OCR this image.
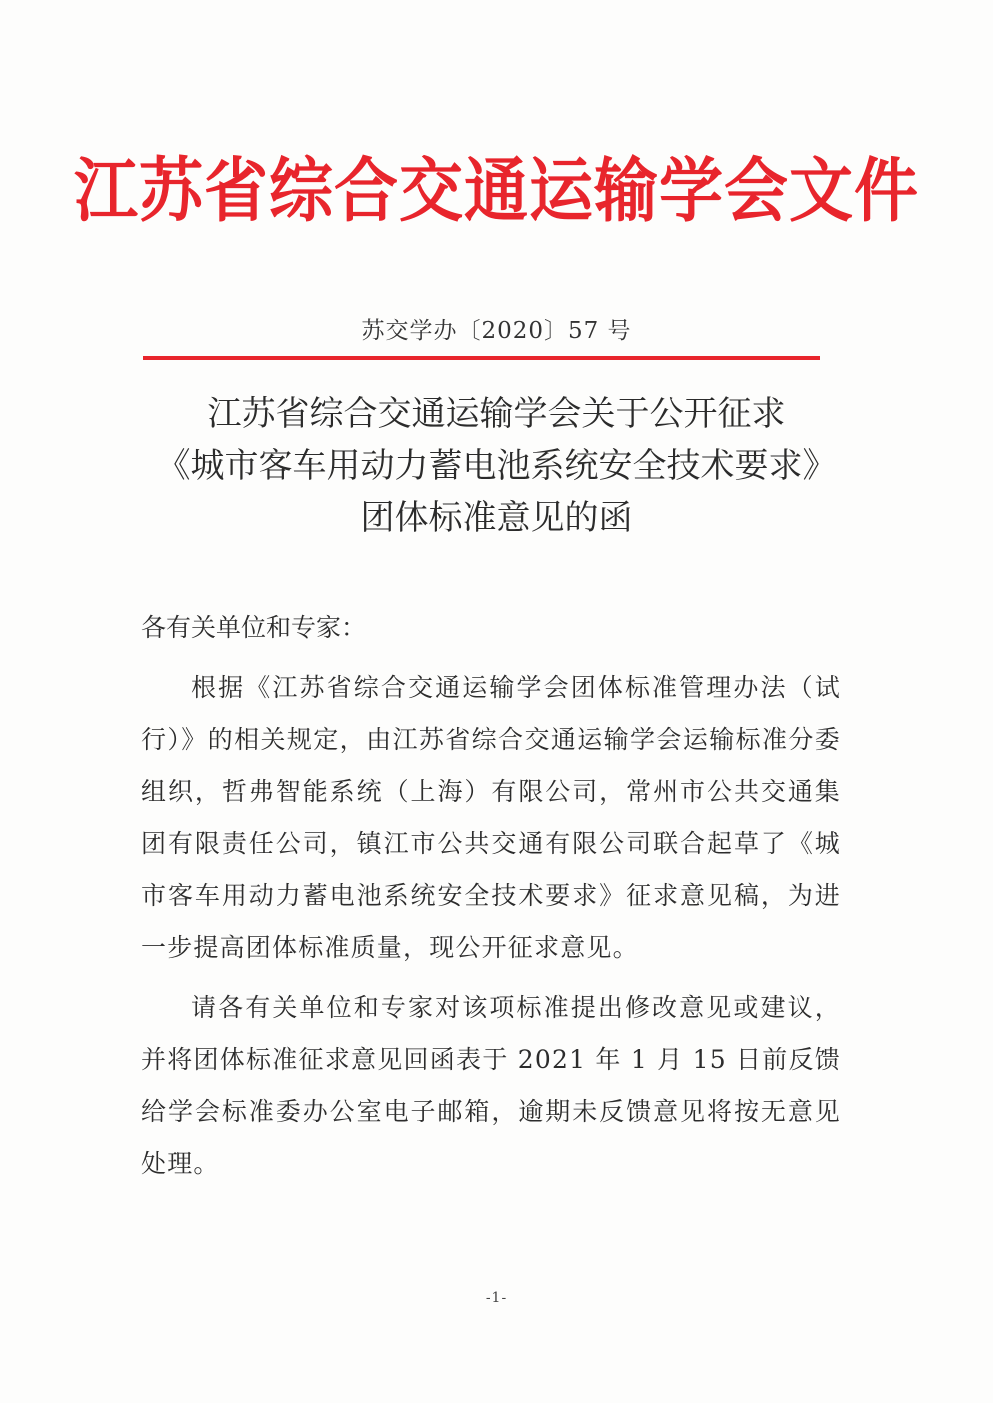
江苏省综合交通运输学会文件
苏交学办〔2020〕57 号
江苏省综合交通运输学会关于公开征求
《城市客车用动力蓄电池系统安全技术要求》
团体标准意见的函
各有关单位和专家：
根据《江苏省综合交通运输学会团体标准管理办法（试行）》的相关规定，由江苏省综合交通运输学会运输标准分委组织，哲弗智能系统（上海）有限公司，常州市公共交通集团有限责任公司，镇江市公共交通有限公司联合起草了《城市客车用动力蓄电池系统安全技术要求》征求意见稿，为进一步提高团体标准质量，现公开征求意见。
请各有关单位和专家对该项标准提出修改意见或建议，并将团体标准征求意见回函表于 2021 年 1 月 15 日前反馈给学会标准委办公室电子邮箱，逾期未反馈意见将按无意见处理。
-1-
